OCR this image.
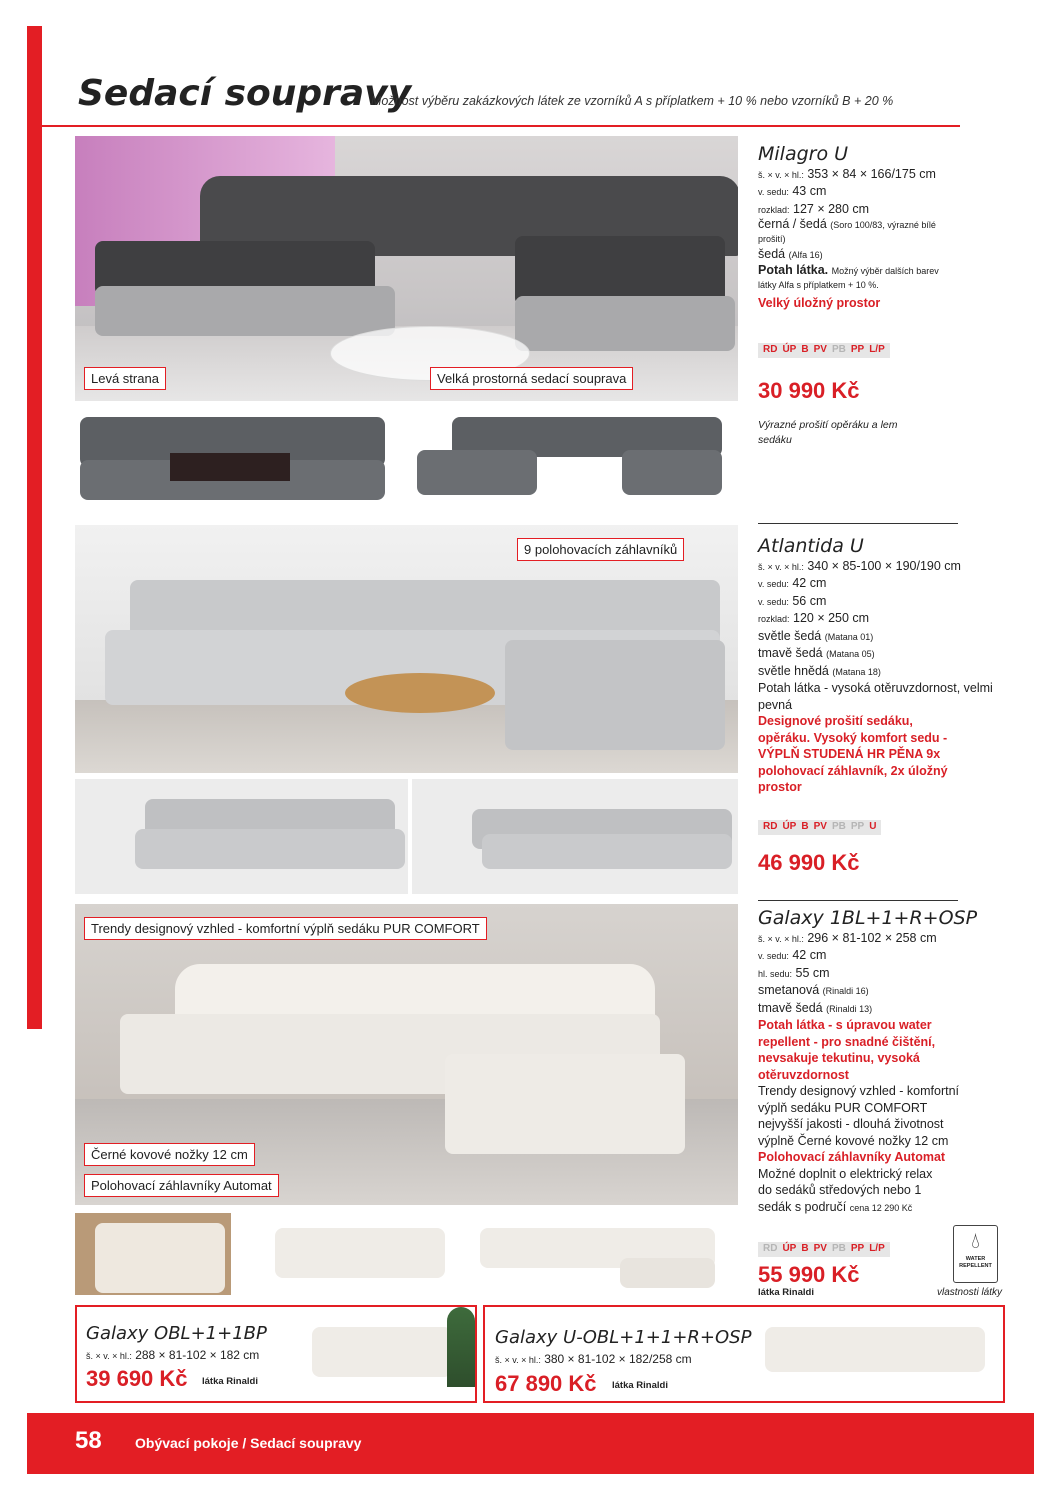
Sedací soupravy
Možnost výběru zakázkových látek ze vzorníků A s příplatkem + 10 % nebo vzorníků B + 20 %
Levá strana	Velká prostorná sedací souprava
Milagro U
š. × v. × hl.: 353 × 84 × 166/175 cm
v. sedu: 43 cm
rozklad: 127 × 280 cm
černá / šedá (Soro 100/83, výrazné bílé prošití)
šedá (Alfa 16)
Potah látka. Možný výběr dalších barev látky Alfa s příplatkem + 10 %.
Velký úložný prostor
RD ÚP B PV PB PP L/P
30 990 Kč
Výrazné prošití opěráku a lem sedáku
9 polohovacích záhlavníků	Atlantida U
š. × v. × hl.: 340 × 85-100 × 190/190 cm
v. sedu: 42 cm
v. sedu: 56 cm
rozklad: 120 × 250 cm
světle šedá (Matana 01)
tmavě šedá (Matana 05)
světle hnědá (Matana 18)
Potah látka - vysoká otěruvzdornost, velmi pevná
Designové prošití sedáku, opěráku. Vysoký komfort sedu - VÝPLŇ STUDENÁ HR PĚNA 9x polohovací záhlavník, 2x úložný prostor
RD ÚP B PV PB PP U
46 990 Kč
Trendy designový vzhled - komfortní výplň sedáku PUR COMFORT
Černé kovové nožky 12 cm
Polohovací záhlavníky Automat
Galaxy 1BL+1+R+OSP
š. × v. × hl.: 296 × 81-102 × 258 cm
v. sedu: 42 cm
hl. sedu: 55 cm
smetanová (Rinaldi 16)
tmavě šedá (Rinaldi 13)
Potah látka - s úpravou water repellent - pro snadné čištění, nevsakuje tekutinu, vysoká otěruvzdornost
Trendy designový vzhled - komfortní výplň sedáku PUR COMFORT nejvyšší jakosti - dlouhá životnost výplně Černé kovové nožky 12 cm
Polohovací záhlavníky Automat
Možné doplnit o elektrický relax do sedáků středových nebo 1 sedák s područí cena 12 290 Kč
RD ÚP B PV PB PP L/P
55 990 Kč
látka Rinaldi
💧︎
WATER REPELLENT
vlastnosti látky
Galaxy OBL+1+1BP
š. × v. × hl.: 288 × 81-102 × 182 cm
39 690 Kč látka Rinaldi
Galaxy U-OBL+1+1+R+OSP
š. × v. × hl.: 380 × 81-102 × 182/258 cm
67 890 Kč látka Rinaldi
58 Obývací pokoje / Sedací soupravy
